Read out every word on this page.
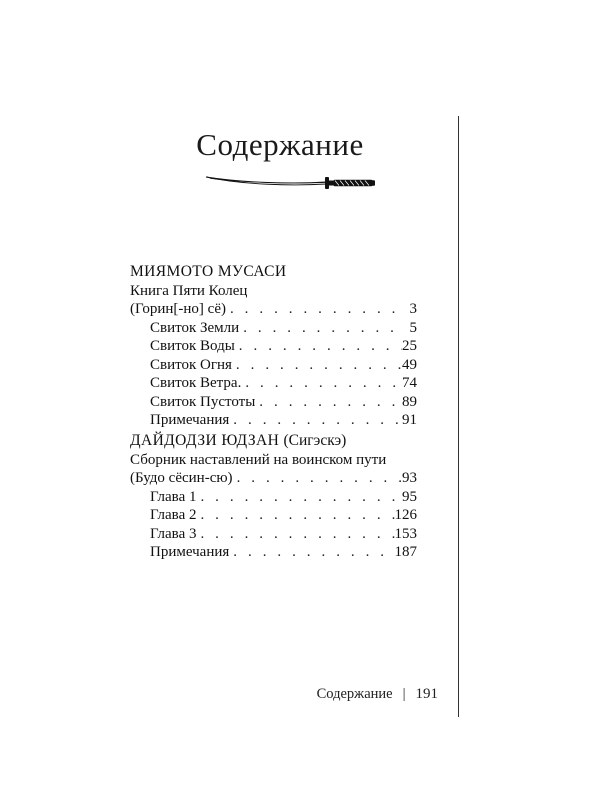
Содержание
МИЯМОТО МУСАСИ
Книга Пяти Колец
(Горин[-но] сё) . . .	3
Свиток Земли . . .	5
Свиток Воды . . .	25
Свиток Огня . . .	49
Свиток Ветра. . . .	74
Свиток Пустоты . . .	89
Примечания . . .	91
ДАЙДОДЗИ ЮДЗАН (Сигэскэ)
Сборник наставлений на воинском пути
(Будо сёсин-сю) . . .	93
Глава 1 . . .	95
Глава 2 . . .	126
Глава 3 . . .	153
Примечания . . .	187
Содержание | 191
